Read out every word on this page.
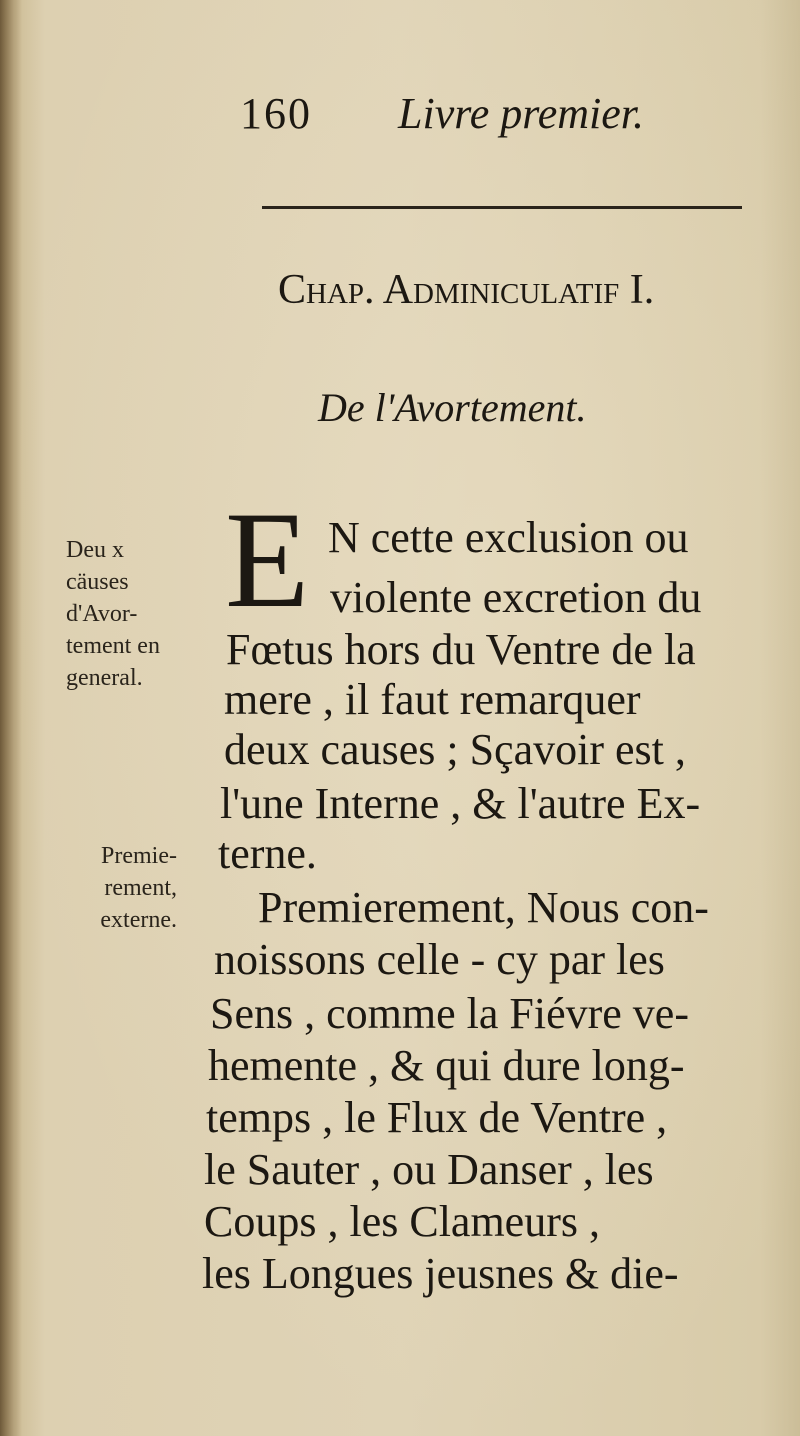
160 Livre premier.
Chap. Adminiculatif I.
De l'Avortement.
Deu x
cäuses
d'Avor-
tement en
general.
Premie-
rement,
externe.
E N cette exclusion ou
violente excretion du
Fœtus hors du Ventre de la
mere , il faut remarquer
deux causes ; Sçavoir est ,
l'une Interne , & l'autre Ex-
terne.
Premierement, Nous con-
noissons celle - cy par les
Sens , comme la Fiévre ve-
hemente , & qui dure long-
temps , le Flux de Ventre ,
le Sauter , ou Danser , les
Coups , les Clameurs ,
les Longues jeusnes & die-
